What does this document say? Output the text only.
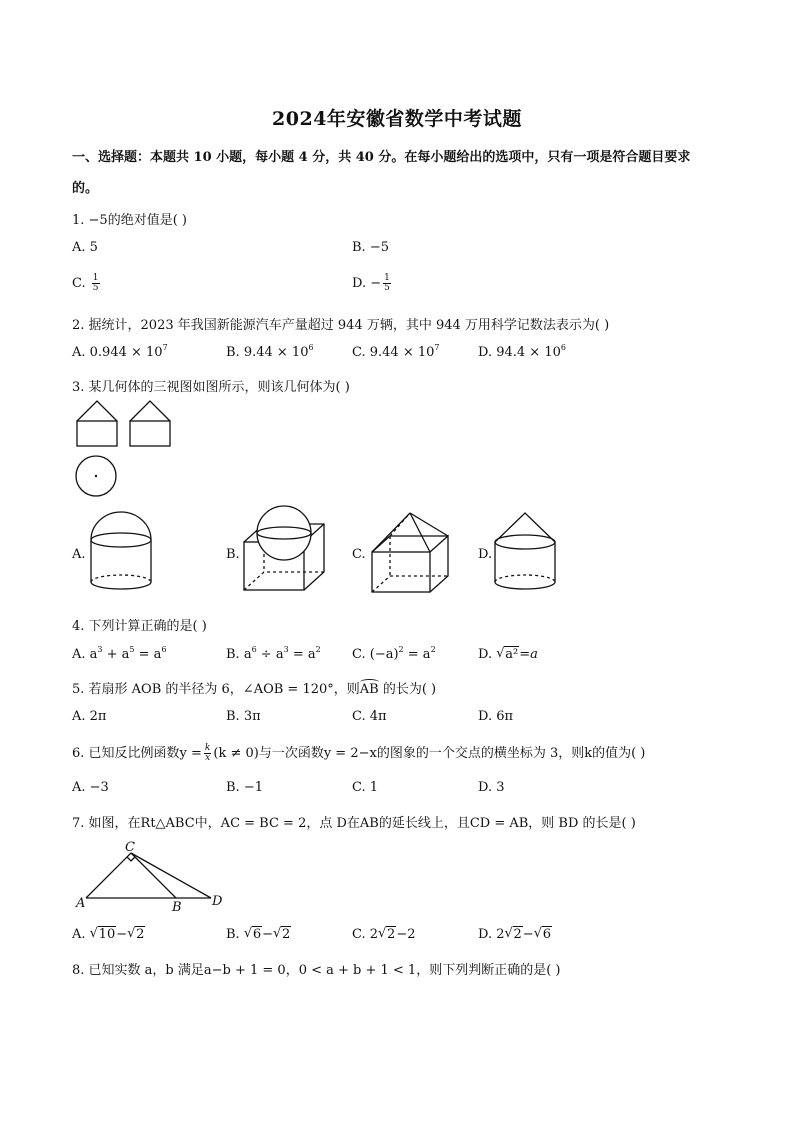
2024年安徽省数学中考试题
一、选择题：本题共 10 小题，每小题 4 分，共 40 分。在每小题给出的选项中，只有一项是符合题目要求
的。
1. −5的绝对值是( )
A. 5	B. −5
C. $\frac{1}{5}$	D. − $\frac{1}{5}$
2. 据统计，2023 年我国新能源汽车产量超过 944 万辆，其中 944 万用科学记数法表示为( )
A. $0.944 \times 10^7$	B. $9.44 \times 10^6$	C. $9.44 \times 10^7$	D. $94.4 \times 10^6$
3. 某几何体的三视图如图所示，则该几何体为( )
A.	B.	C.	D.
4. 下列计算正确的是( )
A. $a^3 + a^5 = a^6$	B. $a^6 \div a^3 = a^2$ C. $(-a)^2 = a^2$	D. √ a²=a
5. 若扇形 AOB 的半径为 6，∠AOB = 120°，则AB 的长为( )
A. 2π	B. 3π	C. 4π	D. 6π
6. 已知反比例函数$y = \frac{k}{x} (k \ne 0)$与一次函数y = 2−x的图象的一个交点的横坐标为 3，则k的值为( )
A. −3	B. −1	C. 1	D. 3
7. 如图，在Rt△ABC中，AC = BC = 2，点 D在AB的延长线上，且CD = AB，则 BD 的长是( )
A	B
C
D
A. √ 10− √ 2	B. √ 6− √ 2	C. 2 √ 2−2	D. 2 √ 2− √ 6
8. 已知实数 a，b 满足a−b + 1 = 0，0 < a + b + 1 < 1，则下列判断正确的是( )
